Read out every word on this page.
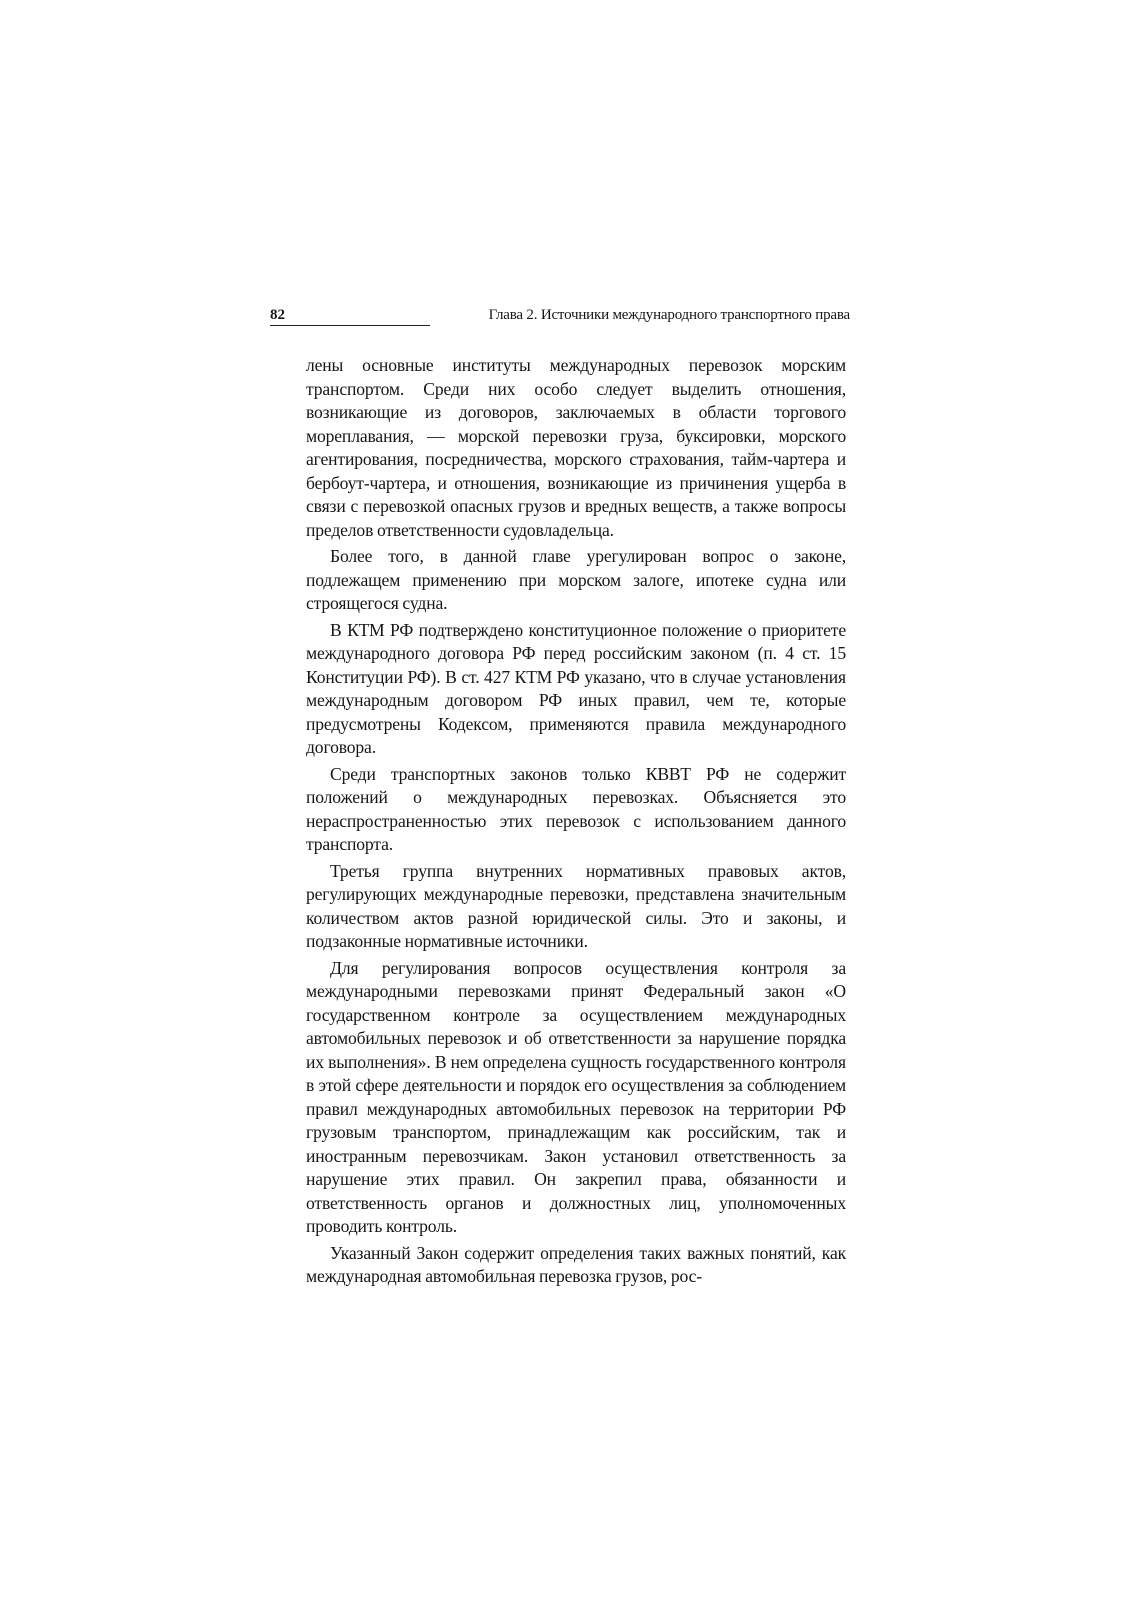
82	Глава 2. Источники международного транспортного права

лены основные институты международных перевозок морским транспортом. Среди них особо следует выделить отношения, возникающие из договоров, заключаемых в области торгового мореплавания, — морской перевозки груза, буксировки, морского агентирования, посредничества, морского страхования, тайм-чартера и бербоут-чартера, и отношения, возникающие из причинения ущерба в связи с перевозкой опасных грузов и вредных веществ, а также вопросы пределов ответственности судовладельца.

Более того, в данной главе урегулирован вопрос о законе, подлежащем применению при морском залоге, ипотеке судна или строящегося судна.

В КТМ РФ подтверждено конституционное положение о приоритете международного договора РФ перед российским законом (п. 4 ст. 15 Конституции РФ). В ст. 427 КТМ РФ указано, что в случае установления международным договором РФ иных правил, чем те, которые предусмотрены Кодексом, применяются правила международного договора.

Среди транспортных законов только КВВТ РФ не содержит положений о международных перевозках. Объясняется это нераспространенностью этих перевозок с использованием данного транспорта.

Третья группа внутренних нормативных правовых актов, регулирующих международные перевозки, представлена значительным количеством актов разной юридической силы. Это и законы, и подзаконные нормативные источники.

Для регулирования вопросов осуществления контроля за международными перевозками принят Федеральный закон «О государственном контроле за осуществлением международных автомобильных перевозок и об ответственности за нарушение порядка их выполнения». В нем определена сущность государственного контроля в этой сфере деятельности и порядок его осуществления за соблюдением правил международных автомобильных перевозок на территории РФ грузовым транспортом, принадлежащим как российским, так и иностранным перевозчикам. Закон установил ответственность за нарушение этих правил. Он закрепил права, обязанности и ответственность органов и должностных лиц, уполномоченных проводить контроль.

Указанный Закон содержит определения таких важных понятий, как международная автомобильная перевозка грузов, рос-
